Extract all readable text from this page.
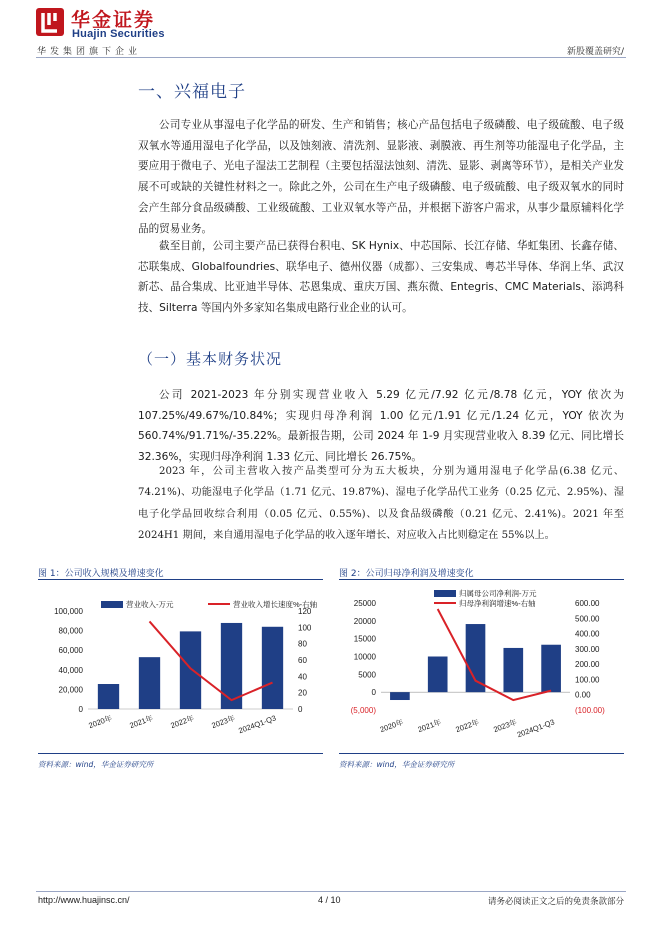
华金证券
Huajin Securities
华发集团旗下企业	新股覆盖研究/
一、兴福电子

公司专业从事湿电子化学品的研发、生产和销售；核心产品包括电子级磷酸、电子级硫酸、电子级双氧水等通用湿电子化学品，以及蚀刻液、清洗剂、显影液、剥膜液、再生剂等功能湿电子化学品，主要应用于微电子、光电子湿法工艺制程（主要包括湿法蚀刻、清洗、显影、剥离等环节），是相关产业发展不可或缺的关键性材料之一。除此之外，公司在生产电子级磷酸、电子级硫酸、电子级双氧水的同时会产生部分食品级磷酸、工业级硫酸、工业双氧水等产品，并根据下游客户需求，从事少量原辅料化学品的贸易业务。

截至目前，公司主要产品已获得台积电、SK Hynix、中芯国际、长江存储、华虹集团、长鑫存储、芯联集成、Globalfoundries、联华电子、德州仪器（成都）、三安集成、粤芯半导体、华润上华、武汉新芯、晶合集成、比亚迪半导体、芯恩集成、重庆万国、燕东微、Entegris、CMC Materials、添鸿科技、Silterra 等国内外多家知名集成电路行业企业的认可。

（一）基本财务状况

公司 2021-2023 年分别实现营业收入 5.29 亿元/7.92 亿元/8.78 亿元，YOY 依次为 107.25%/49.67%/10.84%；实现归母净利润 1.00 亿元/1.91 亿元/1.24 亿元，YOY 依次为 560.74%/91.71%/-35.22%。最新报告期，公司 2024 年 1-9 月实现营业收入 8.39 亿元、同比增长 32.36%，实现归母净利润 1.33 亿元、同比增长 26.75%。

2023 年，公司主营收入按产品类型可分为五大板块，分别为通用湿电子化学品(6.38 亿元、74.21%)、功能湿电子化学品（1.71 亿元、19.87%)、湿电子化学品代工业务（0.25 亿元、2.95%)、湿电子化学品回收综合利用（0.05 亿元、0.55%)、以及食品级磷酸（0.21 亿元、2.41%)。2021 年至 2024H1 期间，来自通用湿电子化学品的收入逐年增长、对应收入占比则稳定在 55%以上。

图 1：公司收入规模及增速变化
0
20,000
40,000
60,000
80,000
100,000
0
20
40
60
80
100
120
2020年 2021年 2022年 2023年 2024Q1-Q3
营业收入-万元	营业收入增长速度%-右轴
资料来源：wind，华金证券研究所
图 2：公司归母净利润及增速变化
(5,000)
0
5000
10000
15000
20000
25000
(100.00)
0.00
100.00
200.00
300.00
400.00
500.00
600.00
2020年 2021年 2022年 2023年
2024Q1-Q3
归属母公司净利润-万元
归母净利润增速%-右轴
资料来源：wind，华金证券研究所
http://www.huajinsc.cn/	4 / 10	请务必阅读正文之后的免责条款部分
